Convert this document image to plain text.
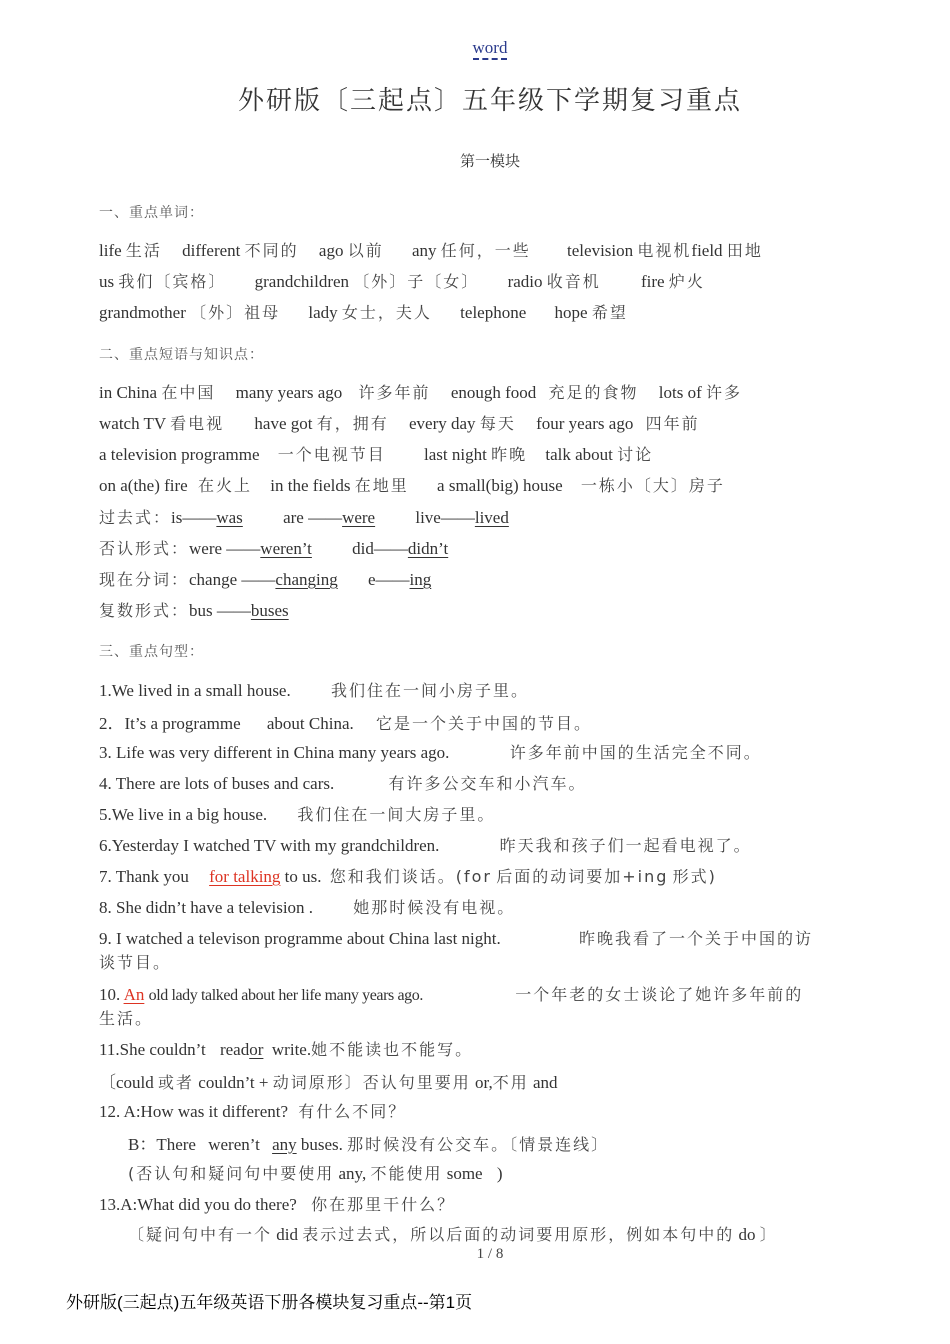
word
外研版〔三起点〕五年级下学期复习重点
第一模块
一、重点单词：
life 生活 different 不同的 ago 以前 any 任何，一些 television 电视机field 田地
us 我们〔宾格〕 grandchildren 〔外〕子〔女〕 radio 收音机 fire 炉火
grandmother 〔外〕祖母 lady 女士，夫人 telephone hope 希望
二、重点短语与知识点：
in China 在中国 many years ago 许多年前 enough food 充足的食物 lots of 许多
watch TV 看电视 have got 有，拥有 every day 每天 four years ago 四年前
a television programme 一个电视节目 last night 昨晚 talk about 讨论
on a(the) fire 在火上 in the fields 在地里 a small(big) house 一栋小〔大〕房子
过去式：is——was are ——were live——lived
否认形式：were ——weren’t did——didn’t
现在分词：change ——changing e——ing
复数形式：bus ——buses
三、重点句型：
1.We lived in a small house.	我们住在一间小房子里。
2．It’s a programme about China. 它是一个关于中国的节目。
3. Life was very different in China many years ago.	许多年前中国的生活完全不同。
4. There are lots of buses and cars.	有许多公交车和小汽车。
5.We live in a big house. 我们住在一间大房子里。
6.Yesterday I watched TV with my grandchildren.	昨天我和孩子们一起看电视了。
7. Thank you for talking to us. 您和我们谈话。(for 后面的动词要加+ing 形式)
8. She didn’t have a television .	她那时候没有电视。
9. I watched a televison programme about China last night.	昨晚我看了一个关于中国的访
谈节目。
10. An old lady talked about her life many years ago.	一个年老的女士谈论了她许多年前的
生活。
11.She couldn’t reador write.她不能读也不能写。
〔could 或者 couldn’t + 动词原形〕否认句里要用 or,不用 and
12. A:How was it different? 有什么不同？
B：There weren’t any buses. 那时候没有公交车。〔情景连线〕
(否认句和疑问句中要使用 any, 不能使用 some )
13.A:What did you do there? 你在那里干什么？
〔疑问句中有一个 did 表示过去式，所以后面的动词要用原形，例如本句中的 do 〕
1 / 8
外研版(三起点)五年级英语下册各模块复习重点--第1页
